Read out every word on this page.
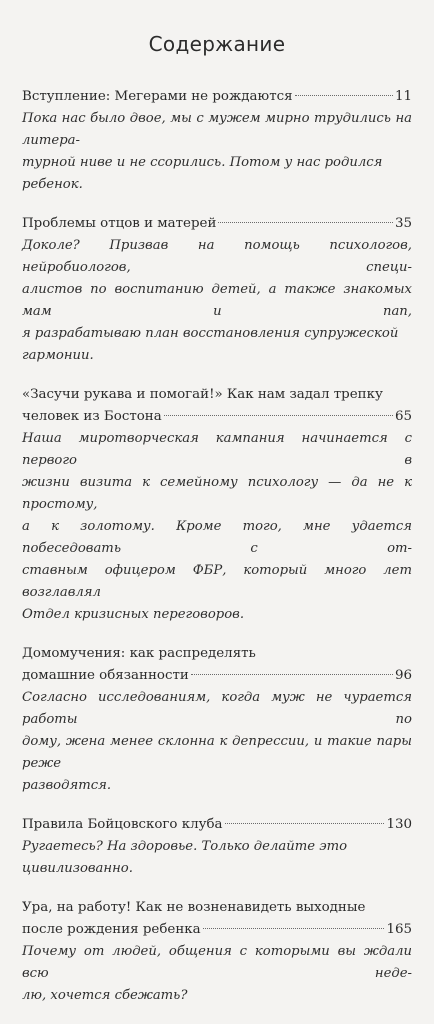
Содержание
Вступление: Мегерами не рождаются	11
Пока нас было двое, мы с мужем мирно трудились на литера-
турной ниве и не ссорились. Потом у нас родился ребенок.
Проблемы отцов и матерей	35
Доколе? Призвав на помощь психологов, нейробиологов, специ-
алистов по воспитанию детей, а также знакомых мам и пап,
я разрабатываю план восстановления супружеской гармонии.
«Засучи рукава и помогай!» Как нам задал трепку
человек из Бостона	65
Наша миротворческая кампания начинается с первого в
жизни визита к семейному психологу — да не к простому,
а к золотому. Кроме того, мне удается побеседовать с от-
ставным офицером ФБР, который много лет возглавлял
Отдел кризисных переговоров.
Домомучения: как распределять
домашние обязанности	96
Согласно исследованиям, когда муж не чурается работы по
дому, жена менее склонна к депрессии, и такие пары реже
разводятся.
Правила Бойцовского клуба	130
Ругаетесь? На здоровье. Только делайте это цивилизованно.
Ура, на работу! Как не возненавидеть выходные
после рождения ребенка	165
Почему от людей, общения с которыми вы ждали всю неде-
лю, хочется сбежать?
